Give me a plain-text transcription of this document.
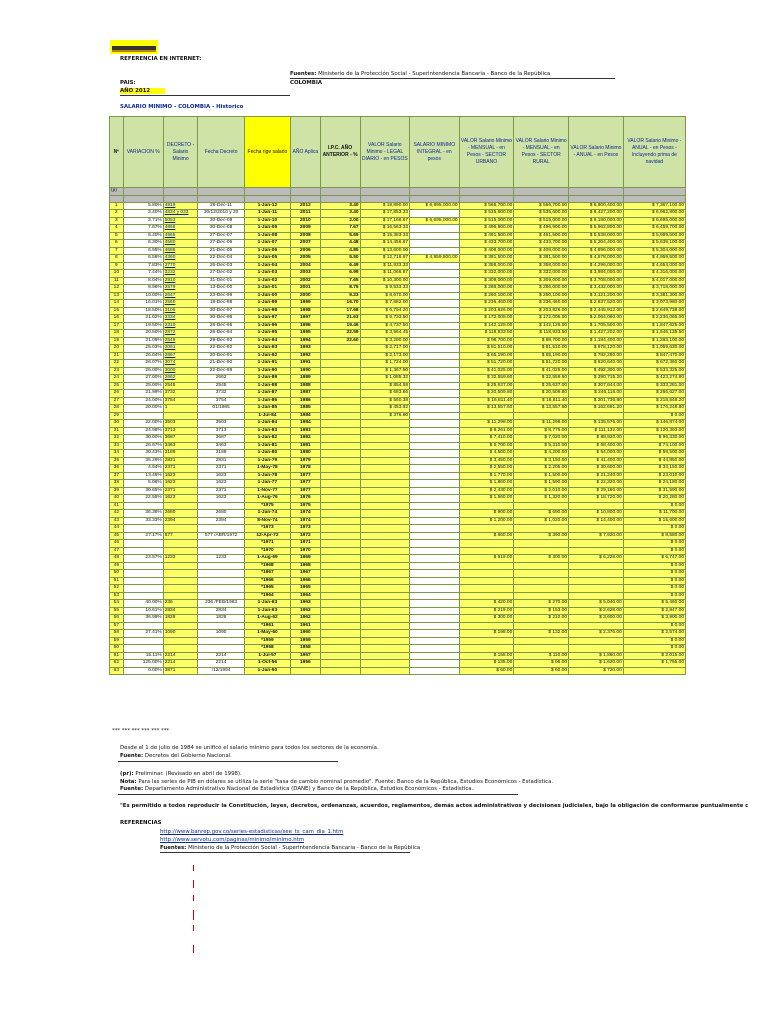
REFERENCIA EN INTERNET:
Fuentes: Ministerio de la Protección Social - Superintendencia Bancaria - Banco de la República
PAIS:	COLOMBIA
AÑO 2012
SALARIO MINIMO - COLOMBIA - Historico
Nº	VARIACION %	DECRETO - Salario Minimo	Fecha Decreto	Fecha rige salario	AÑO Aplica	I.P.C. AÑO ANTERIOR - %	VALOR Salario Minimo - LEGAL DIARIO - en PESOS	SALARIO MINIMO INTEGRAL - en pesos	VALOR Salario Minimo - MENSUAL - en Pesos - SECTOR URBANO	VALOR Salario Minimo - MENSUAL - en Pesos - SECTOR RURAL	VALOR Salario Minimo - ANUAL - en Pesos	VALOR Salario Minimo - ANUAL - en Pesos - Incluyendo prima de navidad
(p)												

1	5.80%	4919	26-Dec-11	1-Jan-12	2012	3.40	$ 18,890.00	$ 6,895,000.00	$ 566,700.00	$ 566,700.00	$ 6,800,400.00	$ 7,367,100.00
2	3.40%	4834 y 033	30/12/2010 y 20	1-Jan-11	2011	3.40	$ 17,853.33		$ 535,600.00	$ 535,600.00	$ 6,427,200.00	$ 6,962,800.00
3	3.71%	5053	30-Dec-09	1-Jan-10	2010	2.00	$ 17,166.67	$ 6,695,000.00	$ 515,000.00	$ 515,000.00	$ 6,180,000.00	$ 6,695,000.00
4	7.67%	4868	30-Dec-08	1-Jan-09	2009	7.67	$ 16,563.33		$ 496,900.00	$ 496,900.00	$ 5,962,800.00	$ 6,459,700.00
5	6.40%	4965	27-Dec-07	1-Jan-08	2008	5.69	$ 15,383.33		$ 461,500.00	$ 461,500.00	$ 5,538,000.00	$ 5,999,500.00
6	6.30%	4580	27-Dec-06	1-Jan-07	2007	4.48	$ 14,456.67		$ 433,700.00	$ 433,700.00	$ 5,204,400.00	$ 5,638,100.00
7	6.95%	4686	21-Dec-05	1-Jan-06	2006	4.85	$ 13,600.00		$ 408,000.00	$ 408,000.00	$ 4,896,000.00	$ 5,304,000.00
8	6.56%	4360	22-Dec-04	1-Jan-05	2005	5.50	$ 12,716.67	$ 4,959,500.00	$ 381,500.00	$ 381,500.00	$ 4,578,000.00	$ 4,959,500.00
9	7.83%	3770	26-Dec-03	1-Jan-04	2004	6.49	$ 11,933.33		$ 358,000.00	$ 358,000.00	$ 4,296,000.00	$ 4,654,000.00
10	7.44%	3232	27-Dec-02	1-Jan-03	2003	6.99	$ 11,066.67		$ 332,000.00	$ 332,000.00	$ 3,984,000.00	$ 4,316,000.00
11	8.04%	2910	31-Dec-01	1-Jan-02	2002	7.65	$ 10,300.00		$ 309,000.00	$ 309,000.00	$ 3,708,000.00	$ 4,017,000.00
12	9.96%	2579	13-Dec-00	1-Jan-01	2001	8.75	$ 9,533.33		$ 286,000.00	$ 286,000.00	$ 3,432,000.00	$ 3,718,000.00
13	10.00%	2647	23-Dec-99	1-Jan-00	2000	9.23	$ 8,670.00		$ 260,100.00	$ 260,100.00	$ 3,121,200.00	$ 3,381,300.00
14	16.01%	2560	18-Dec-98	1-Jan-99	1999	16.70	$ 7,882.00		$ 236,460.00	$ 236,460.00	$ 2,837,520.00	$ 3,073,980.00
15	18.50%	3106	30-Dec-97	1-Jan-98	1998	17.68	$ 6,794.20		$ 203,826.00	$ 203,826.00	$ 2,445,912.00	$ 2,649,738.00
16	21.02%	2334	30-Dec-96	1-Jan-97	1997	21.63	$ 5,733.50		$ 172,005.00	$ 172,005.00	$ 2,064,060.00	$ 2,236,065.00
17	19.50%	2310	26-Dec-95	1-Jan-96	1996	19.46	$ 4,737.50		$ 142,125.00	$ 142,125.00	$ 1,705,500.00	$ 1,847,625.00
18	20.50%	2872	26-Dec-94	1-Jan-95	1995	22.59	$ 3,964.45		$ 118,933.50	$ 118,933.50	$ 1,427,202.00	$ 1,546,135.50
19	21.09%	2548	29-Dec-93	1-Jan-94	1994	22.60	$ 3,290.00		$ 98,700.00	$ 98,700.00	$ 1,184,400.00	$ 1,283,100.00
20	25.03%	2061	22-Dec-92	1-Jan-93	1993		$ 2,717.00		$ 81,510.00	$ 81,510.00	$ 978,120.00	$ 1,059,630.00
21	26.04%	2867	20-Dec-91	1-Jan-92	1992		$ 2,173.00		$ 65,190.00	$ 65,190.00	$ 782,280.00	$ 847,470.00
22	26.07%	3074	21-Dec-90	1-Jan-91	1991		$ 1,724.00		$ 51,720.00	$ 51,720.00	$ 620,640.00	$ 672,360.00
23	26.00%	3000	22-Dec-89	1-Jan-90	1990		$ 1,367.50		$ 41,025.00	$ 41,025.00	$ 492,300.00	$ 533,325.00
24	27.00%	2662	2662	1-Jan-89	1989		$ 1,085.32		$ 32,559.60	$ 32,559.60	$ 390,715.20	$ 423,274.80
25	25.00%	2545	2545	1-Jan-88	1988		$ 854.58		$ 25,637.00	$ 25,637.00	$ 307,644.00	$ 333,281.00
26	21.99%	3732	3732	1-Jan-87	1987		$ 683.66		$ 20,509.80	$ 20,509.80	$ 246,118.00	$ 266,627.00
27	24.00%	3754	3754	1-Jan-86	1986		$ 560.38		$ 16,811.40	$ 16,811.40	$ 201,736.80	$ 218,548.20
28	20.00%	1	01/1985	1-Jan-85	1985		$ 453.92		$ 13,557.60	$ 13,557.60	$ 162,691.20	$ 176,248.80
29				1-Jul-84	1984		$ 376.60					$ 0.00
30	22.00%	3503	3503	1-Jan-84	1984				$ 11,298.00	$ 11,298.00	$ 135,576.00	$ 146,874.00
31	24.98%	3713	3713	1-Jan-83	1983				$ 9,261.00	$ 8,775.00	$ 111,132.00	$ 120,393.00
32	30.00%	3687	3687	1-Jan-82	1982				$ 7,410.00	$ 7,020.00	$ 88,920.00	$ 96,330.00
33	26.67%	3463	3463	1-Jan-81	1981				$ 5,700.00	$ 5,310.00	$ 68,400.00	$ 74,100.00
34	30.43%	3189	3189	1-Jan-80	1980				$ 4,500.00	$ 4,200.00	$ 54,000.00	$ 58,500.00
35	35.29%	2831	2831	1-Jan-79	1979				$ 3,450.00	$ 3,150.00	$ 41,400.00	$ 44,850.00
36	4.94%	2371	2371	1-May-78	1978				$ 2,550.00	$ 2,205.00	$ 30,600.00	$ 33,150.00
37	13.46%	1623	1623	1-Jan-78	1977				$ 1,770.00	$ 1,500.00	$ 21,240.00	$ 23,010.00
38	5.06%	1623	1623	1-Jan-77	1977				$ 1,860.00	$ 1,590.00	$ 22,320.00	$ 24,180.00
39	30.65%	2371	2371	1-Nov-77	1977				$ 2,430.00	$ 2,010.00	$ 29,160.00	$ 31,590.00
40	22.55%	1623	1623	1-Aug-76	1976				$ 1,560.00	$ 1,320.00	$ 18,720.00	$ 20,280.00
41				*1975	1975							$ 0.00
42	36.36%	2680	2680	1-Jan-74	1974				$ 900.00	$ 690.00	$ 10,800.00	$ 11,700.00
43	33.33%	2394	2394	8-Nov-74	1974				$ 1,200.00	$ 1,020.00	$ 14,400.00	$ 15,600.00
44				*1973	1973							$ 0.00
45	27.17%	577	577 /ABR/1972	12-Apr-72	1972				$ 660.00	$ 390.00	$ 7,920.00	$ 8,580.00
46				*1971	1971							$ 0.00
47				*1970	1970							$ 0.00
48	23.57%	1233	1233	1-Aug-69	1969				$ 519.00	$ 300.00	$ 6,228.00	$ 6,747.00
49				*1968	1968							$ 0.00
50				*1967	1967							$ 0.00
51				*1966	1966							$ 0.00
52				*1965	1965							$ 0.00
53				*1964	1964							$ 0.00
54	40.00%	236	236 /FEB/1963	1-Jan-63	1963				$ 420.00	$ 270.00	$ 5,040.00	$ 5,460.00
55	10.61%	2834	2834	1-Jan-63	1962				$ 219.00	$ 153.00	$ 2,628.00	$ 2,847.00
56	36.99%	1828	1828	1-Aug-62	1962				$ 300.00	$ 210.00	$ 3,600.00	$ 3,900.00
57				*1961	1961							$ 0.00
58	27.41%	1090	1090	1-May-60	1960				$ 198.00	$ 132.00	$ 2,376.00	$ 2,574.00
59				*1959	1959							$ 0.00
60				*1958	1958							$ 0.00
61	15.11%	2214	2214	1-Jul-57	1957				$ 155.00	$ 110.00	$ 1,860.00	$ 2,015.00
62	125.00%	2214	2214	1-Oct-56	1956				$ 135.00	$ 96.00	$ 1,620.00	$ 1,755.00
63	0.00%	3871	/12/1994	1-Jan-50					$ 60.00	$ 60.00	$ 720.00	
*** *** *** *** *** ***
Desde el 1 de julio de 1984 se unificó el salario mínimo para todos los sectores de la economía.
Fuente: Decretos del Gobierno Nacional.
(pr): Preliminar. (Revisado en abril de 1998).
Nota: Para las series de PIB en dólares se utiliza la serie "tasa de cambio nominal promedio". Fuente: Banco de la República, Estudios Económicos - Estadística.
Fuente: Departamento Administrativo Nacional de Estadística (DANE) y Banco de la República, Estudios Económicos - Estadística.
"Es permitido a todos reproducir la Constitución, leyes, decretos, ordenanzas, acuerdos, reglamentos, demás actos administrativos y decisiones judiciales, bajo la obligación de conformarse puntualmente c
REFERENCIAS
http://www.banrep.gov.co/series-estadisticas/see_ts_cam_dia_1.htm
http://www.servotu.com/paginas/minimo/minimo.htm
Fuentes: Ministerio de la Protección Social - Superintendencia Bancaria - Banco de la República
